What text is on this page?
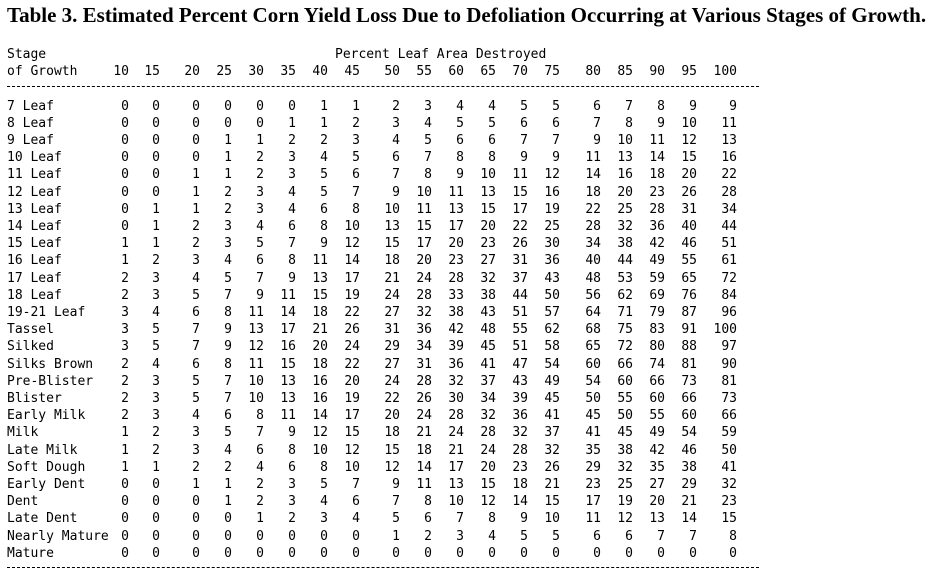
Table 3. Estimated Percent Corn Yield Loss Due to Defoliation Occurring at Various Stages of Growth.
Stage
of Growth
Percent Leaf Area Destroyed
10 15 20 25 30 35 40 45 50 55 60 65 70 75 80 85 90 95 100
7 Leaf	0 0 0 0 0 0 1 1 2 3 4 4 5 5	6 7 8 9 9
8 Leaf	0 0 0 0 0 1 1 2 3 4 5 5 6 6	7 8 9 10 11
9 Leaf	0 0 0 1 1 2 2 3 4 5 6 6 7 7	9 10 11 12 13
10 Leaf	0 0 0 1 2 3 4 5 6 7 8 8 9 9 11 13 14 15 16
11 Leaf	0 0 1 1 2 3 5 6 7 8 9 10 11 12 14 16 18 20 22
12 Leaf	0 0 1 2 3 4 5 7 9 10 11 13 15 16 18 20 23 26 28
13 Leaf	0 1 1 2 3 4 6 8 10 11 13 15 17 19 22 25 28 31 34
14 Leaf	0 1 2 3 4 6 8 10 13 15 17 20 22 25 28 32 36 40 44
15 Leaf	1 1 2 3 5 7 9 12 15 17 20 23 26 30 34 38 42 46 51
16 Leaf	1 2 3 4 6 8 11 14 18 20 23 27 31 36 40 44 49 55 61
17 Leaf	2 3 4 5 7 9 13 17 21 24 28 32 37 43 48 53 59 65 72
18 Leaf	2 3 5 7 9 11 15 19 24 28 33 38 44 50 56 62 69 76 84
19-21 Leaf	3 4 6 8 11 14 18 22 27 32 38 43 51 57 64 71 79 87 96
Tassel	3 5 7 9 13 17 21 26 31 36 42 48 55 62 68 75 83 91 100
Silked	3 5 7 9 12 16 20 24 29 34 39 45 51 58 65 72 80 88 97
Silks Brown 2 4 6 8 11 15 18 22 27 31 36 41 47 54 60 66 74 81 90
Pre-Blister 2 3 5 7 10 13 16 20 24 28 32 37 43 49 54 60 66 73 81
Blister	2 3 5 7 10 13 16 19 22 26 30 34 39 45 50 55 60 66 73
Early Milk	2 3 4 6 8 11 14 17 20 24 28 32 36 41 45 50 55 60 66
Milk	1 2 3 5 7 9 12 15 18 21 24 28 32 37 41 45 49 54 59
Late Milk	1 2 3 4 6 8 10 12 15 18 21 24 28 32 35 38 42 46 50
Soft Dough	1 1 2 2 4 6 8 10 12 14 17 20 23 26 29 32 35 38 41
Early Dent	0 0 1 1 2 3 5 7 9 11 13 15 18 21 23 25 27 29 32
Dent	0 0 0 1 2 3 4 6 7 8 10 12 14 15 17 19 20 21 23
Late Dent	0 0 0 0 1 2 3 4 5 6 7 8 9 10 11 12 13 14 15
Nearly Mature 0 0 0 0 0 0 0 0 1 2 3 4 5 5	6 6 7 7 8
Mature	0 0 0 0 0 0 0 0 0 0 0 0 0 0	0 0 0 0 0
